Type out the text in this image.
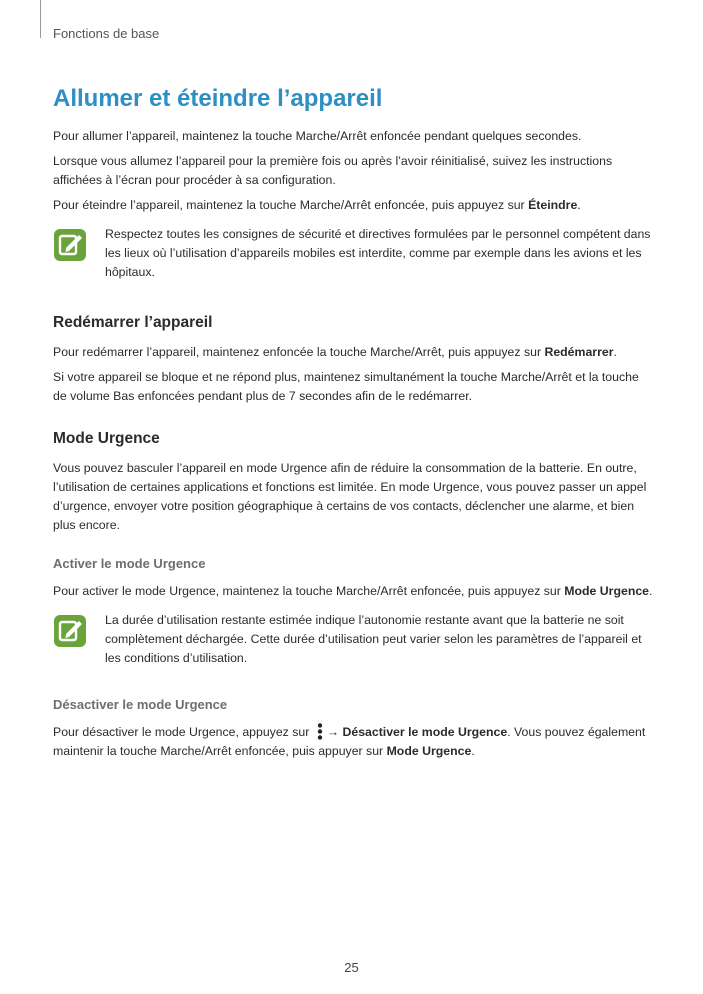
Fonctions de base
Allumer et éteindre l’appareil

Pour allumer l’appareil, maintenez la touche Marche/Arrêt enfoncée pendant quelques secondes.

Lorsque vous allumez l’appareil pour la première fois ou après l’avoir réinitialisé, suivez les instructions affichées à l’écran pour procéder à sa configuration.

Pour éteindre l’appareil, maintenez la touche Marche/Arrêt enfoncée, puis appuyez sur Éteindre.

Respectez toutes les consignes de sécurité et directives formulées par le personnel compétent dans les lieux où l’utilisation d’appareils mobiles est interdite, comme par exemple dans les avions et les hôpitaux.

Redémarrer l’appareil

Pour redémarrer l’appareil, maintenez enfoncée la touche Marche/Arrêt, puis appuyez sur Redémarrer.

Si votre appareil se bloque et ne répond plus, maintenez simultanément la touche Marche/Arrêt et la touche de volume Bas enfoncées pendant plus de 7 secondes afin de le redémarrer.

Mode Urgence

Vous pouvez basculer l’appareil en mode Urgence afin de réduire la consommation de la batterie. En outre, l’utilisation de certaines applications et fonctions est limitée. En mode Urgence, vous pouvez passer un appel d’urgence, envoyer votre position géographique à certains de vos contacts, déclencher une alarme, et bien plus encore.

Activer le mode Urgence

Pour activer le mode Urgence, maintenez la touche Marche/Arrêt enfoncée, puis appuyez sur Mode Urgence.

La durée d’utilisation restante estimée indique l’autonomie restante avant que la batterie ne soit complètement déchargée. Cette durée d’utilisation peut varier selon les paramètres de l’appareil et les conditions d’utilisation.

Désactiver le mode Urgence

Pour désactiver le mode Urgence, appuyez sur → Désactiver le mode Urgence. Vous pouvez également maintenir la touche Marche/Arrêt enfoncée, puis appuyer sur Mode Urgence.

25
